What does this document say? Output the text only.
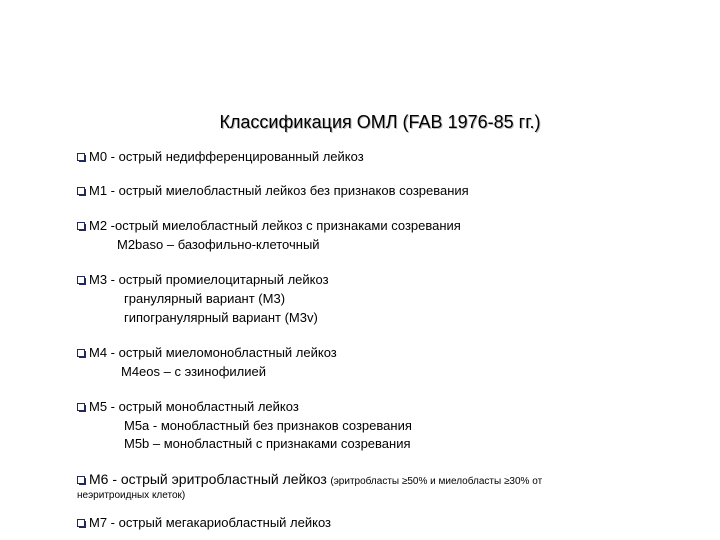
Классификация ОМЛ (FAB 1976-85 гг.)
М0 - острый недифференцированный лейкоз
М1 - острый миелобластный лейкоз без признаков созревания
М2 -острый миелобластный лейкоз с признаками созревания
M2baso – базофильно-клеточный
М3 - острый промиелоцитарный лейкоз
гранулярный вариант (М3)
гипогранулярный вариант (M3v)
М4 - острый миеломонобластный лейкоз
M4eos – с эзинофилией
М5 - острый монобластный лейкоз
M5a - монобластный без признаков созревания
M5b – монобластный с признаками созревания
М6 - острый эритробластный лейкоз (эритробласты ≥50% и миелобласты ≥30% от
неэритроидных клеток)
М7 - острый мегакариобластный лейкоз
